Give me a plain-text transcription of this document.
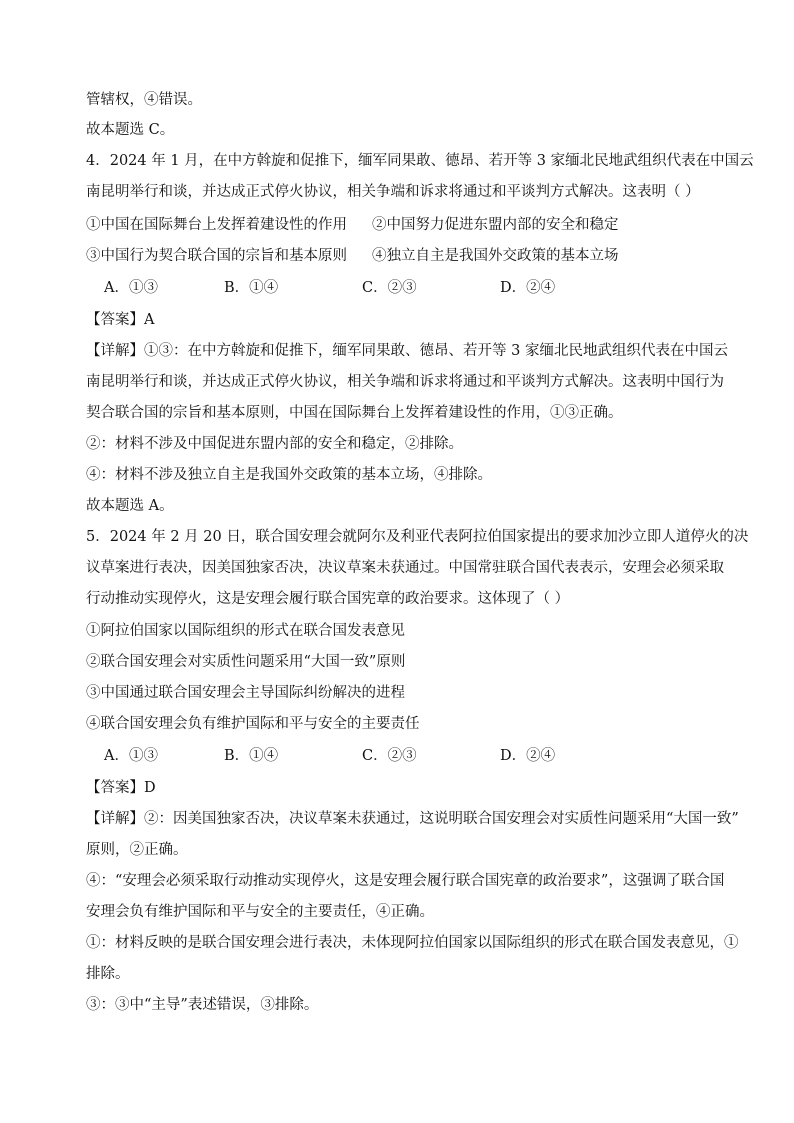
管辖权，④错误。
故本题选 C。
4．2024 年 1 月，在中方斡旋和促推下，缅军同果敢、德昂、若开等 3 家缅北民地武组织代表在中国云
南昆明举行和谈，并达成正式停火协议，相关争端和诉求将通过和平谈判方式解决。这表明（ ）
①中国在国际舞台上发挥着建设性的作用 ②中国努力促进东盟内部的安全和稳定
③中国行为契合联合国的宗旨和基本原则 ④独立自主是我国外交政策的基本立场
A．①③	B．①④	C．②③	D．②④
【答案】A
【详解】①③：在中方斡旋和促推下，缅军同果敢、德昂、若开等 3 家缅北民地武组织代表在中国云
南昆明举行和谈，并达成正式停火协议，相关争端和诉求将通过和平谈判方式解决。这表明中国行为
契合联合国的宗旨和基本原则，中国在国际舞台上发挥着建设性的作用，①③正确。
②：材料不涉及中国促进东盟内部的安全和稳定，②排除。
④：材料不涉及独立自主是我国外交政策的基本立场，④排除。
故本题选 A。
5．2024 年 2 月 20 日，联合国安理会就阿尔及利亚代表阿拉伯国家提出的要求加沙立即人道停火的决
议草案进行表决，因美国独家否决，决议草案未获通过。中国常驻联合国代表表示，安理会必须采取
行动推动实现停火，这是安理会履行联合国宪章的政治要求。这体现了（ ）
①阿拉伯国家以国际组织的形式在联合国发表意见
②联合国安理会对实质性问题采用“大国一致”原则
③中国通过联合国安理会主导国际纠纷解决的进程
④联合国安理会负有维护国际和平与安全的主要责任
A．①③	B．①④	C．②③	D．②④
【答案】D
【详解】②：因美国独家否决，决议草案未获通过，这说明联合国安理会对实质性问题采用“大国一致”
原则，②正确。
④：“安理会必须采取行动推动实现停火，这是安理会履行联合国宪章的政治要求”，这强调了联合国
安理会负有维护国际和平与安全的主要责任，④正确。
①：材料反映的是联合国安理会进行表决，未体现阿拉伯国家以国际组织的形式在联合国发表意见，①
排除。
③：③中“主导”表述错误，③排除。
